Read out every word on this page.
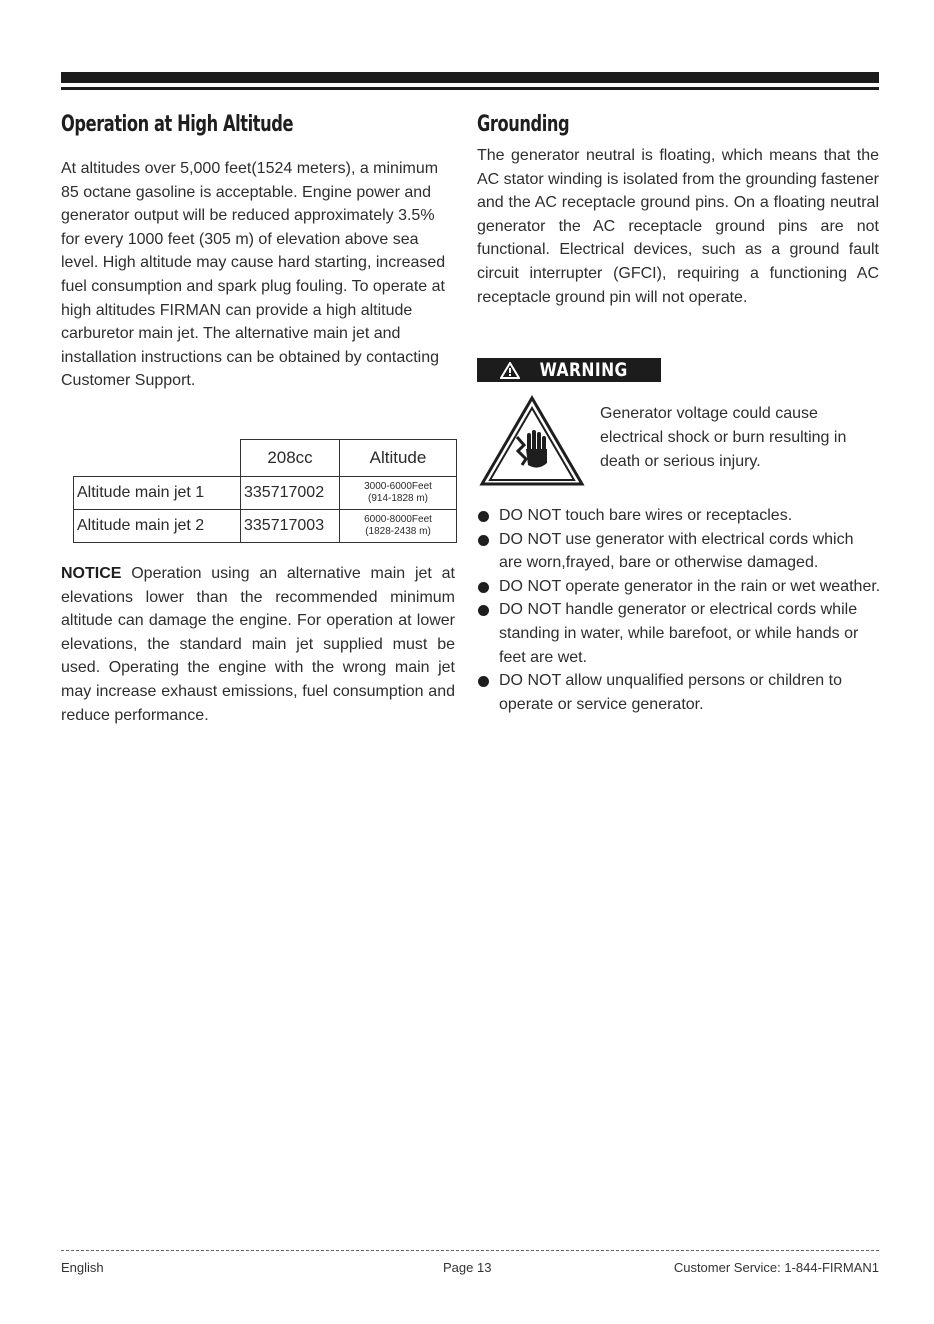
Operation at High Altitude

At altitudes over 5,000 feet(1524 meters), a minimum 85 octane gasoline is acceptable. Engine power and generator output will be reduced approximately 3.5% for every 1000 feet (305 m) of elevation above sea level. High altitude may cause hard starting, increased fuel consumption and spark plug fouling. To operate at high altitudes FIRMAN can provide a high altitude carburetor main jet. The alternative main jet and installation instructions can be obtained by contacting Customer Support.

	208cc	Altitude
Altitude main jet 1	335717002	3000-6000Feet
(914-1828 m)

Altitude main jet 2	335717003	6000-8000Feet
(1828-2438 m)

NOTICE Operation using an alternative main jet at elevations lower than the recommended minimum altitude can damage the engine. For operation at lower elevations, the standard main jet supplied must be used. Operating the engine with the wrong main jet may increase exhaust emissions, fuel consumption and reduce performance.

Grounding

The generator neutral is floating, which means that the AC stator winding is isolated from the grounding fastener and the AC receptacle ground pins. On a floating neutral generator the AC receptacle ground pins are not functional. Electrical devices, such as a ground fault circuit interrupter (GFCI), requiring a functioning AC receptacle ground pin will not operate.

WARNING
Generator voltage could cause electrical shock or burn resulting in death or serious injury.
DO NOT touch bare wires or receptacles.
DO NOT use generator with electrical cords which are worn,frayed, bare or otherwise damaged.
DO NOT operate generator in the rain or wet weather.
DO NOT handle generator or electrical cords while standing in water, while barefoot, or while hands or feet are wet.
DO NOT allow unqualified persons or children to operate or service generator.
English	Page 13	Customer Service: 1-844-FIRMAN1
